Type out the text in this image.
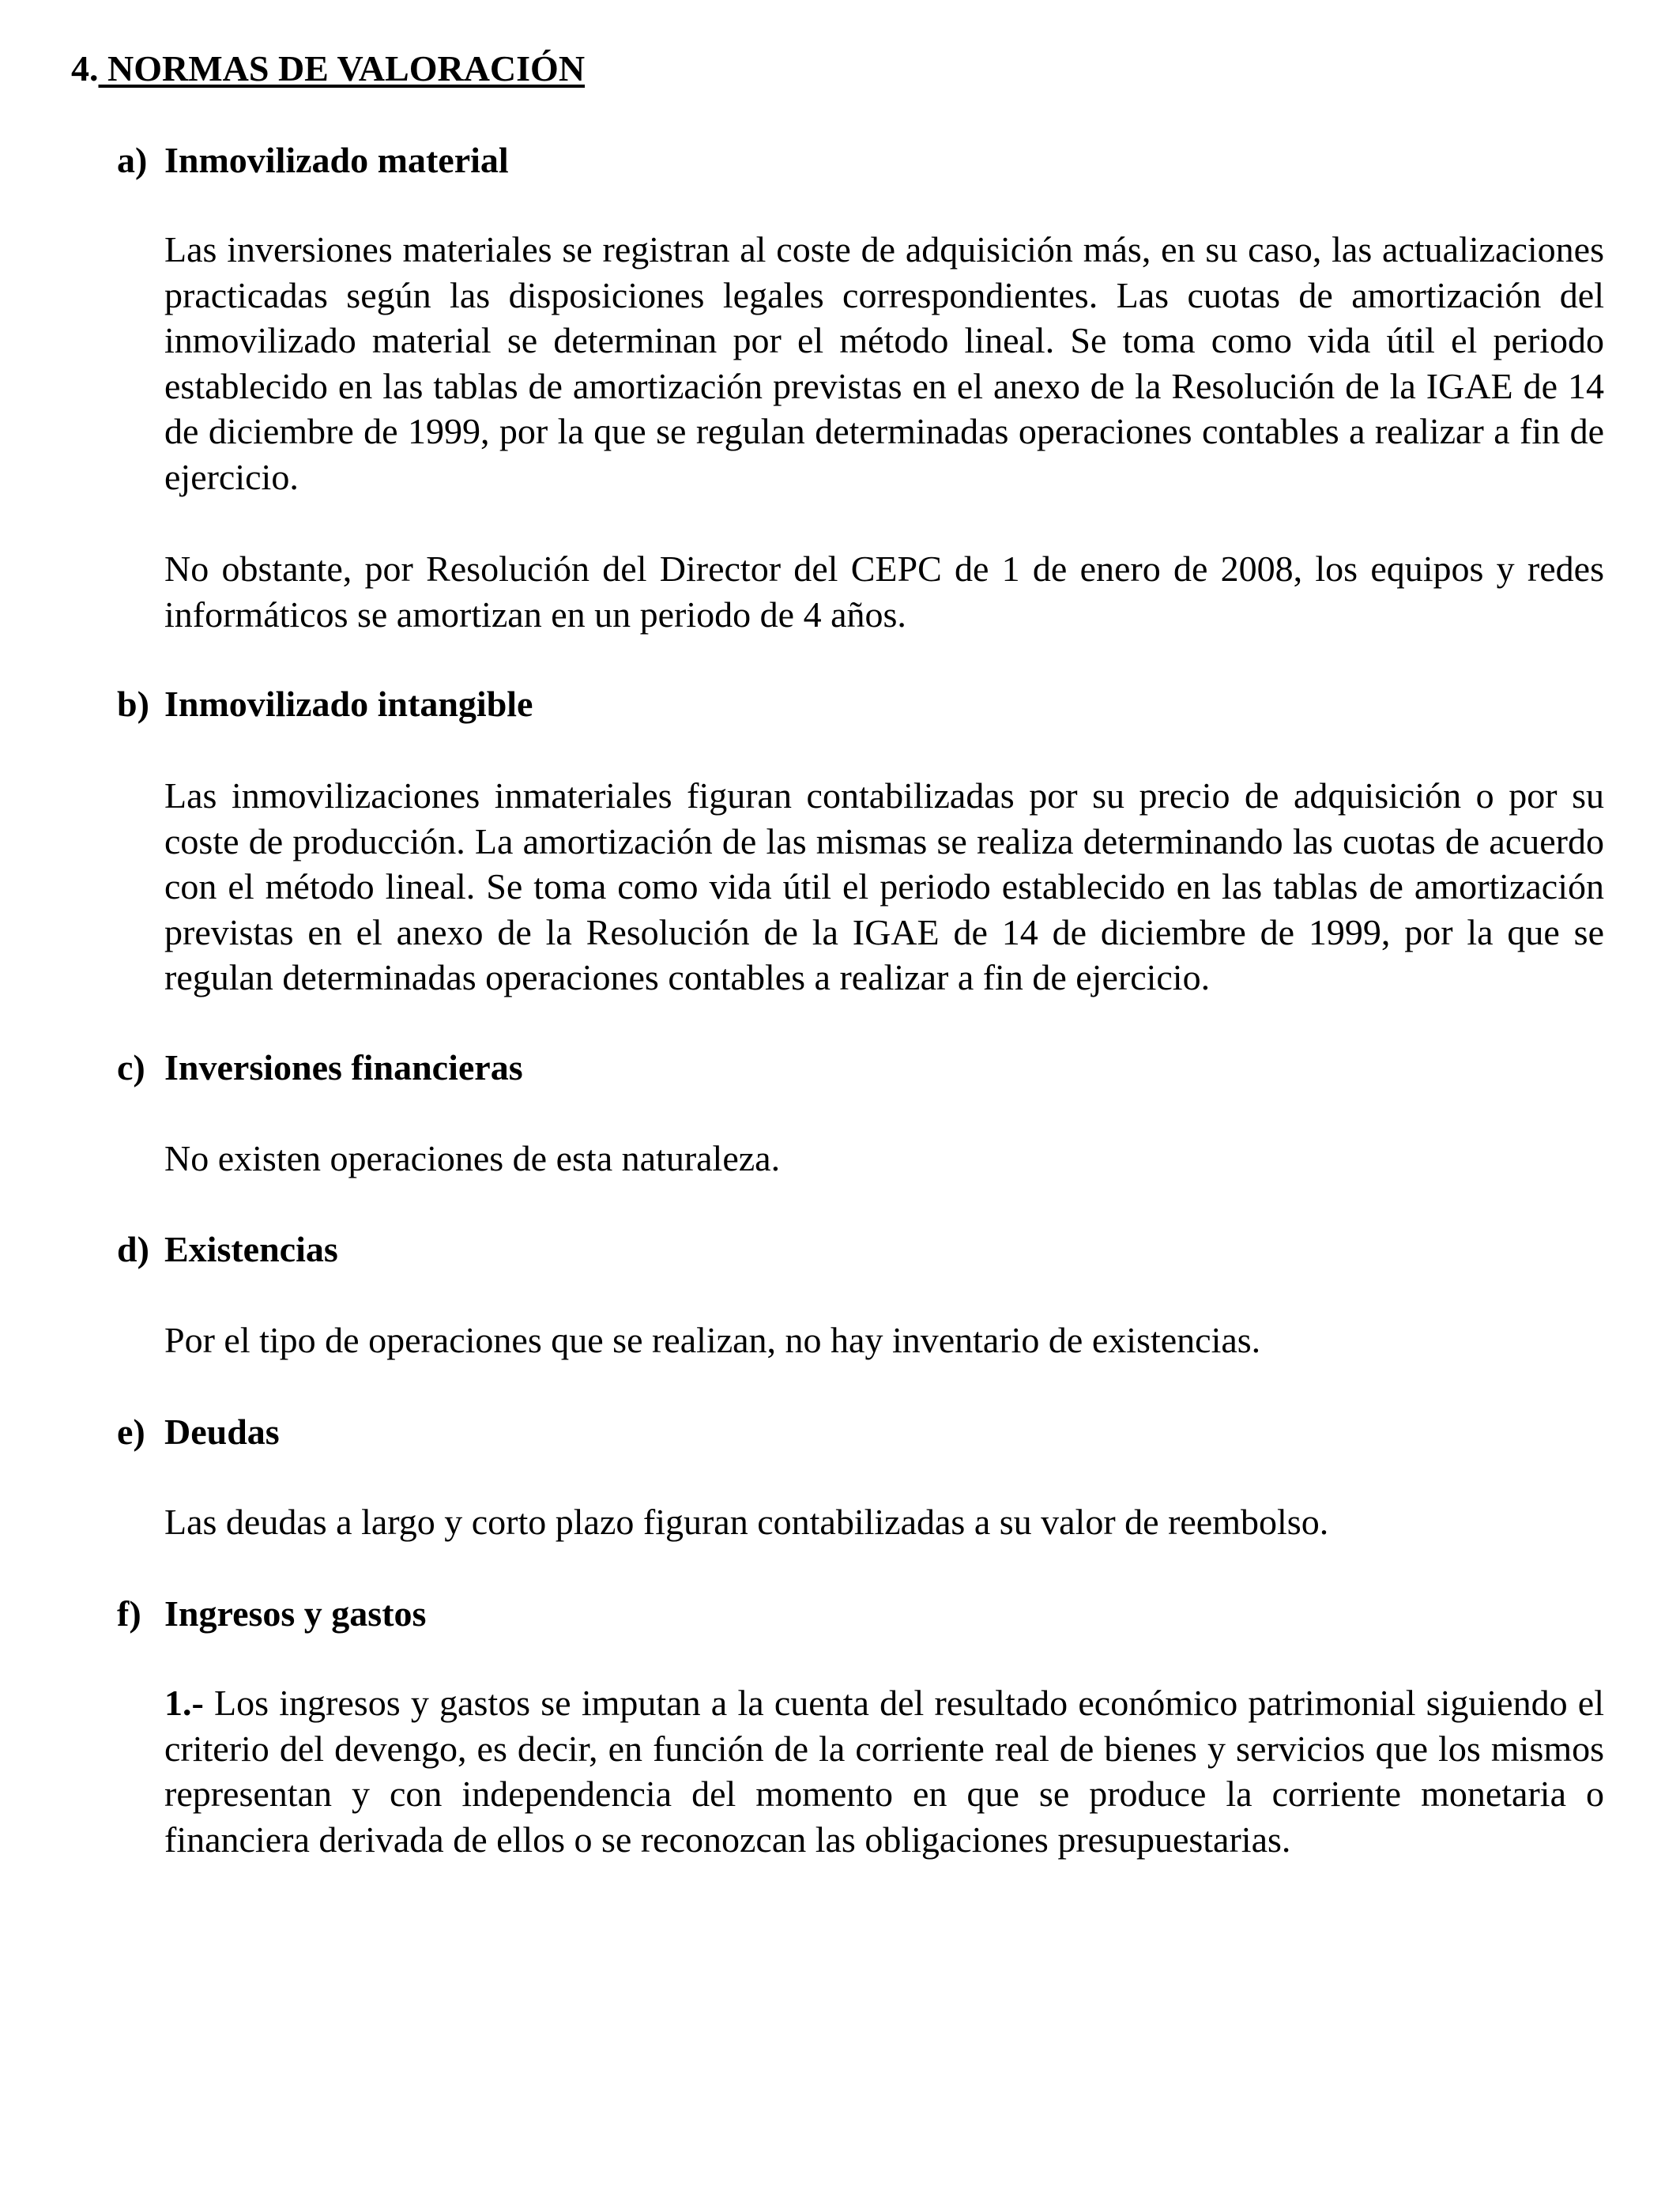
4. NORMAS DE VALORACIÓN
a) Inmovilizado material

Las inversiones materiales se registran al coste de adquisición más, en su caso, las actualizaciones practicadas según las disposiciones legales correspondientes. Las cuotas de amortización del inmovilizado material se determinan por el método lineal. Se toma como vida útil el periodo establecido en las tablas de amortización previstas en el anexo de la Resolución de la IGAE de 14 de diciembre de 1999, por la que se regulan determinadas operaciones contables a realizar a fin de ejercicio.

No obstante, por Resolución del Director del CEPC de 1 de enero de 2008, los equipos y redes informáticos se amortizan en un periodo de 4 años.

b) Inmovilizado intangible

Las inmovilizaciones inmateriales figuran contabilizadas por su precio de adquisición o por su coste de producción. La amortización de las mismas se realiza determinando las cuotas de acuerdo con el método lineal. Se toma como vida útil el periodo establecido en las tablas de amortización previstas en el anexo de la Resolución de la IGAE de 14 de diciembre de 1999, por la que se regulan determinadas operaciones contables a realizar a fin de ejercicio.

c) Inversiones financieras

No existen operaciones de esta naturaleza.

d) Existencias

Por el tipo de operaciones que se realizan, no hay inventario de existencias.

e) Deudas

Las deudas a largo y corto plazo figuran contabilizadas a su valor de reembolso.

f) Ingresos y gastos

1.- Los ingresos y gastos se imputan a la cuenta del resultado económico patrimonial siguiendo el criterio del devengo, es decir, en función de la corriente real de bienes y servicios que los mismos representan y con independencia del momento en que se produce la corriente monetaria o financiera derivada de ellos o se reconozcan las obligaciones presupuestarias.
